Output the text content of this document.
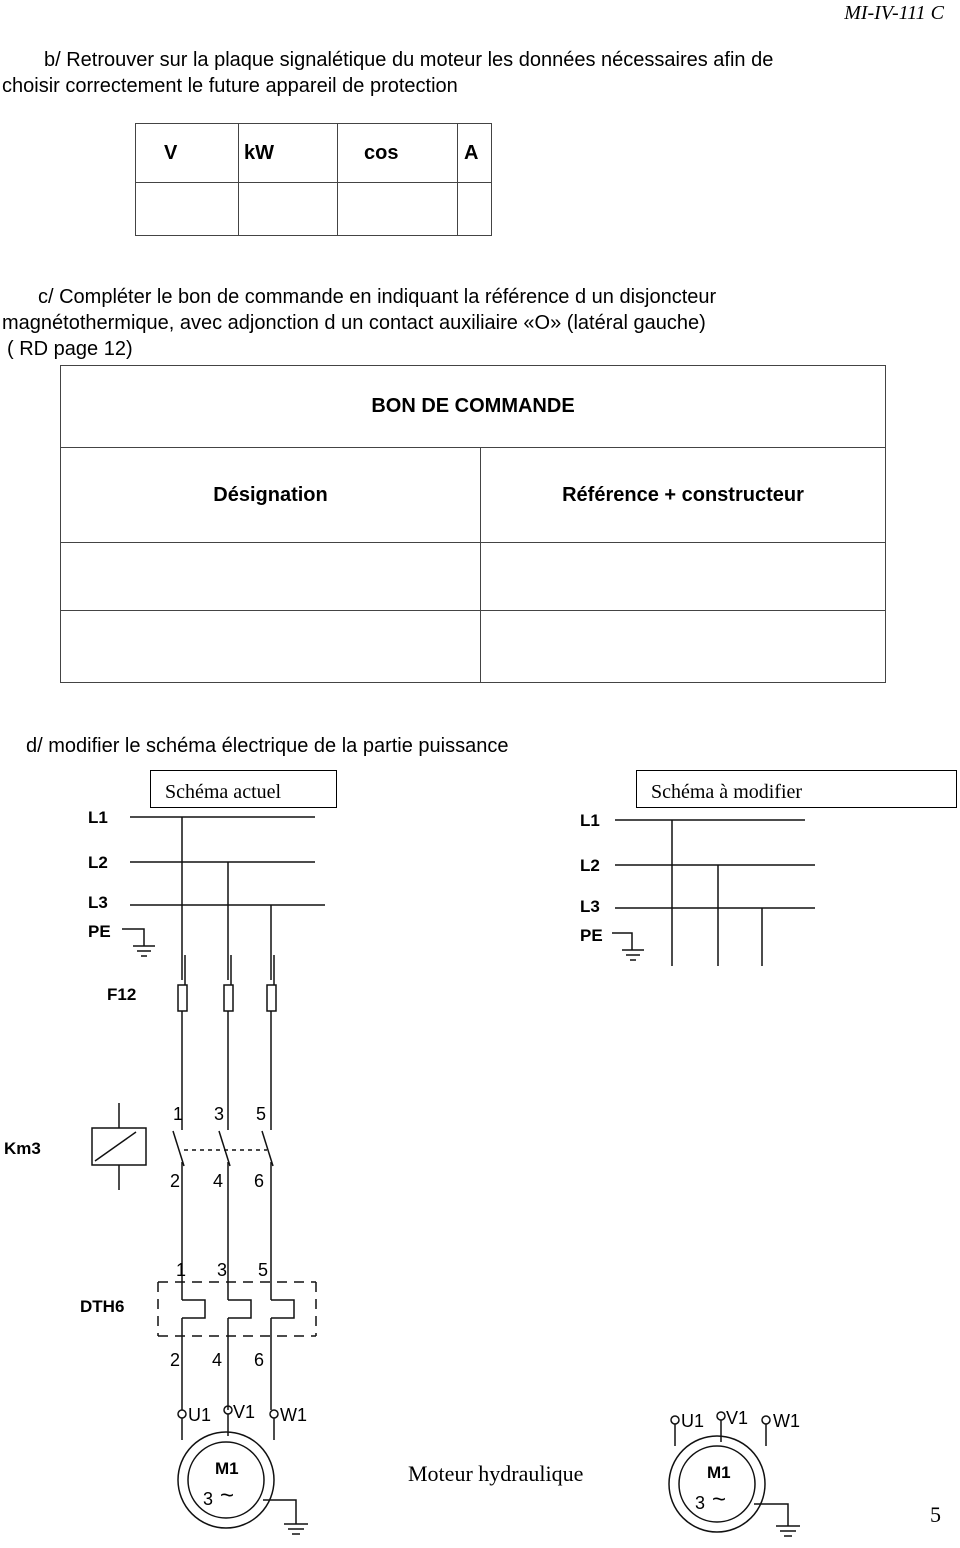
MI-IV-111 C
b/ Retrouver sur la plaque signalétique du moteur les données nécessaires afin de
choisir correctement le future appareil de protection
V	kW	cos	A

c/ Compléter le bon de commande en indiquant la référence d un disjoncteur
magnétothermique, avec adjonction d un contact auxiliaire «O» (latéral gauche)
( RD page 12)
BON DE COMMANDE	
Désignation	Référence + constructeur

d/ modifier le schéma électrique de la partie puissance
Schéma actuel	Schéma à modifier
L1
L2
L3
PE
F12
Km3
DTH6
M1
1 3 5
2 4 6
1 3 5
2 4 6
U1 V1 W1
3 ~
L1
L2
L3
PE
M1
U1 V1 W1
3 ~
Moteur hydraulique
5
